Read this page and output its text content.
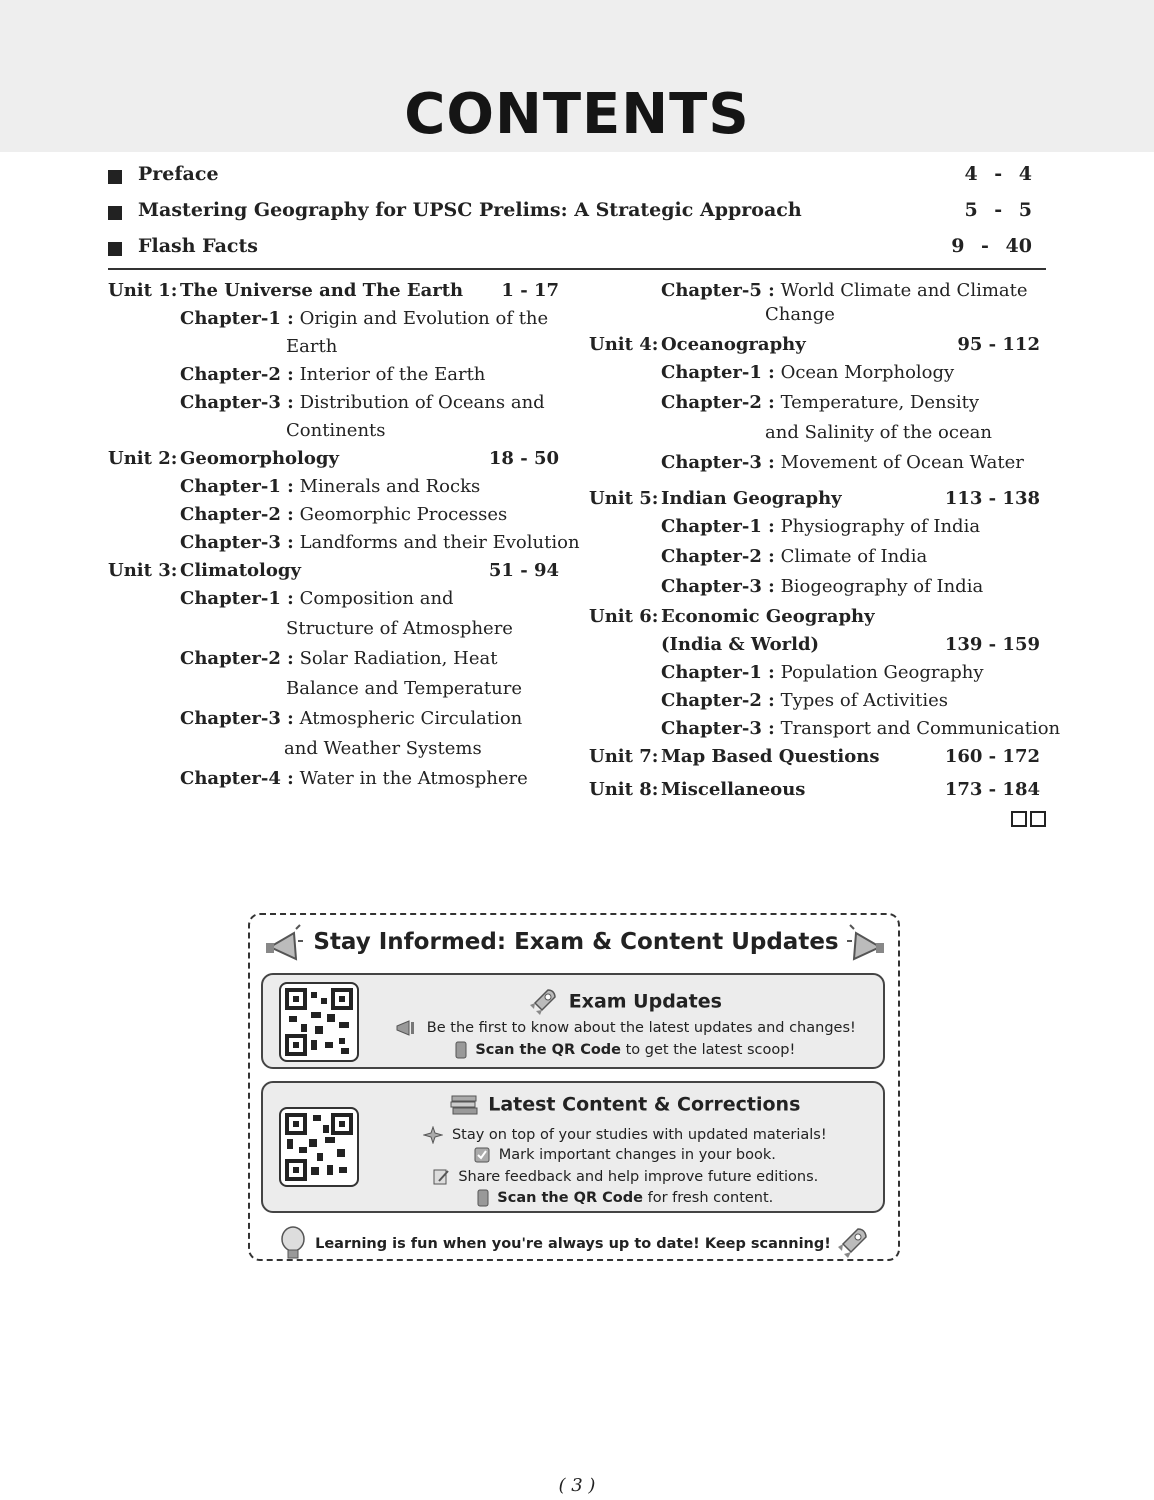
CONTENTS
Preface	4 - 4
Mastering Geography for UPSC Prelims: A Strategic Approach	5 - 5
Flash Facts	9 - 40
Unit 1: The Universe and The Earth 1 - 17
Chapter-1 : Origin and Evolution of the
Earth
Chapter-2 : Interior of the Earth
Chapter-3 : Distribution of Oceans and
Continents
Unit 2: Geomorphology	18 - 50
Chapter-1 : Minerals and Rocks
Chapter-2 : Geomorphic Processes
Chapter-3 : Landforms and their Evolution
Unit 3: Climatology	51 - 94
Chapter-1 : Composition and
Structure of Atmosphere
Chapter-2 : Solar Radiation, Heat
Balance and Temperature
Chapter-3 : Atmospheric Circulation
and Weather Systems
Chapter-4 : Water in the Atmosphere
Chapter-5 : World Climate and Climate
Change
Unit 4: Oceanography	95 - 112
Chapter-1 : Ocean Morphology
Chapter-2 : Temperature, Density
and Salinity of the ocean
Chapter-3 : Movement of Ocean Water
Unit 5: Indian Geography	113 - 138
Chapter-1 : Physiography of India
Chapter-2 : Climate of India
Chapter-3 : Biogeography of India
Unit 6: Economic Geography
(India & World)	139 - 159
Chapter-1 : Population Geography
Chapter-2 : Types of Activities
Chapter-3 : Transport and Communication
Unit 7: Map Based Questions	160 - 172
Unit 8: Miscellaneous	173 - 184
Stay Informed: Exam & Content Updates
Exam Updates
Be the first to know about the latest updates and changes!
Scan the QR Code to get the latest scoop!
Latest Content & Corrections
Stay on top of your studies with updated materials!
Mark important changes in your book.
Share feedback and help improve future editions.
Scan the QR Code for fresh content.
Learning is fun when you're always up to date! Keep scanning!
( 3 )
